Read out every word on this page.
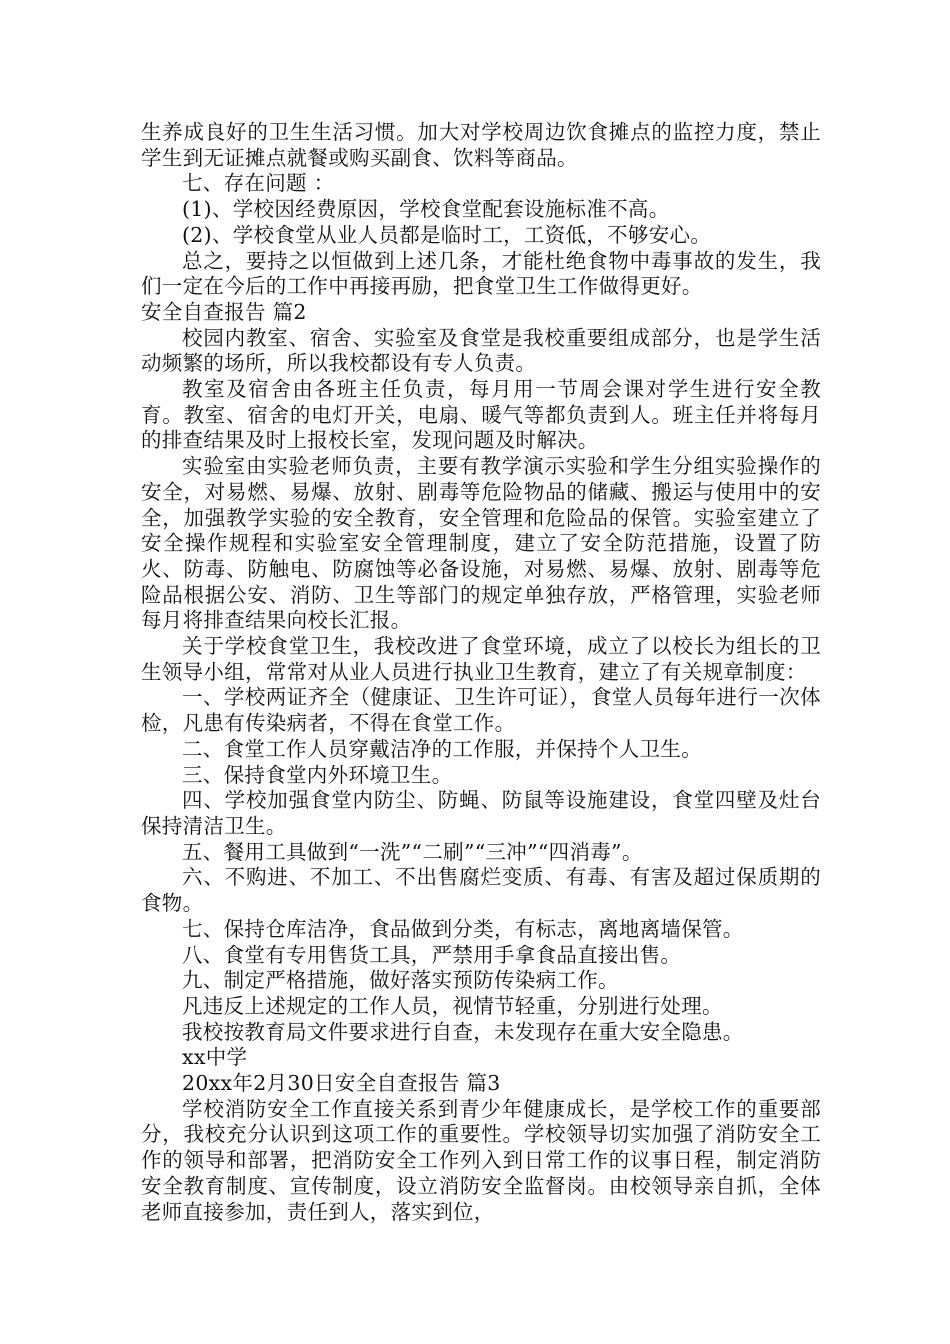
生养成良好的卫生生活习惯。加大对学校周边饮食摊点的监控力度，禁止学生到无证摊点就餐或购买副食、饮料等商品。

七、存在问题 ：

(1)、学校因经费原因，学校食堂配套设施标准不高。

(2)、学校食堂从业人员都是临时工，工资低，不够安心。

总之，要持之以恒做到上述几条，才能杜绝食物中毒事故的发生，我们一定在今后的工作中再接再励，把食堂卫生工作做得更好。

安全自查报告 篇2

校园内教室、宿舍、实验室及食堂是我校重要组成部分，也是学生活动频繁的场所，所以我校都设有专人负责。

教室及宿舍由各班主任负责，每月用一节周会课对学生进行安全教育。教室、宿舍的电灯开关，电扇、暖气等都负责到人。班主任并将每月的排查结果及时上报校长室，发现问题及时解决。

实验室由实验老师负责，主要有教学演示实验和学生分组实验操作的安全，对易燃、易爆、放射、剧毒等危险物品的储藏、搬运与使用中的安全，加强教学实验的安全教育，安全管理和危险品的保管。实验室建立了安全操作规程和实验室安全管理制度，建立了安全防范措施，设置了防火、防毒、防触电、防腐蚀等必备设施，对易燃、易爆、放射、剧毒等危险品根据公安、消防、卫生等部门的规定单独存放，严格管理，实验老师每月将排查结果向校长汇报。

关于学校食堂卫生，我校改进了食堂环境，成立了以校长为组长的卫生领导小组，常常对从业人员进行执业卫生教育，建立了有关规章制度：

一、学校两证齐全（健康证、卫生许可证），食堂人员每年进行一次体检，凡患有传染病者，不得在食堂工作。

二、食堂工作人员穿戴洁净的工作服，并保持个人卫生。

三、保持食堂内外环境卫生。

四、学校加强食堂内防尘、防蝇、防鼠等设施建设，食堂四壁及灶台保持清洁卫生。

五、餐用工具做到“一洗”“二刷”“三冲”“四消毒”。

六、不购进、不加工、不出售腐烂变质、有毒、有害及超过保质期的食物。

七、保持仓库洁净，食品做到分类，有标志，离地离墙保管。

八、食堂有专用售货工具，严禁用手拿食品直接出售。

九、制定严格措施，做好落实预防传染病工作。

凡违反上述规定的工作人员，视情节轻重，分别进行处理。

我校按教育局文件要求进行自查，未发现存在重大安全隐患。

xx中学

20xx年2月30日安全自查报告 篇3

学校消防安全工作直接关系到青少年健康成长，是学校工作的重要部分，我校充分认识到这项工作的重要性。学校领导切实加强了消防安全工作的领导和部署，把消防安全工作列入到日常工作的议事日程，制定消防安全教育制度、宣传制度，设立消防安全监督岗。由校领导亲自抓，全体老师直接参加，责任到人，落实到位，
